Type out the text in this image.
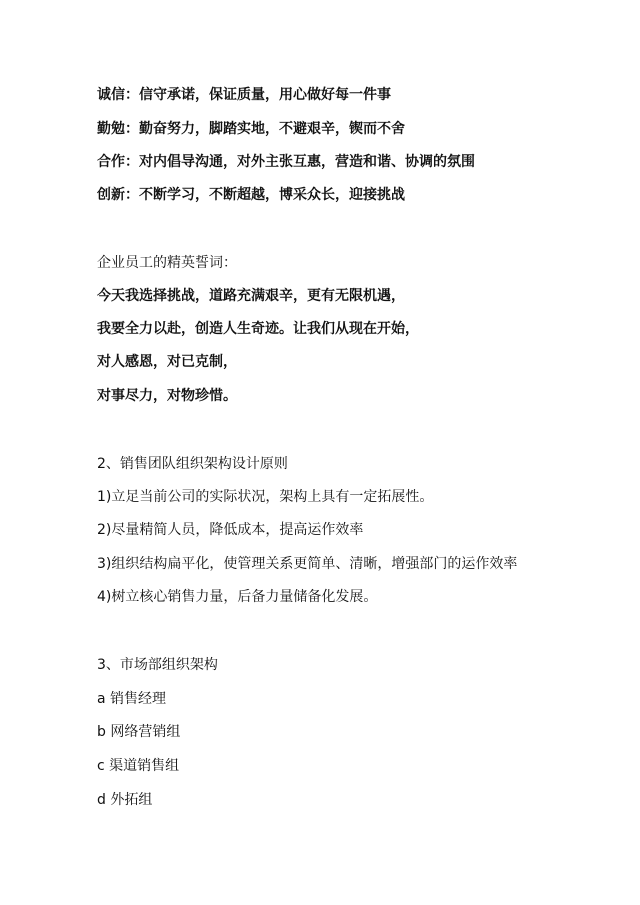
诚信：信守承诺，保证质量，用心做好每一件事
勤勉：勤奋努力，脚踏实地，不避艰辛，锲而不舍
合作：对内倡导沟通，对外主张互惠，营造和谐、协调的氛围
创新：不断学习，不断超越，博采众长，迎接挑战
企业员工的精英誓词：
今天我选择挑战，道路充满艰辛，更有无限机遇，
我要全力以赴，创造人生奇迹。让我们从现在开始，
对人感恩，对已克制，
对事尽力，对物珍惜。
2、销售团队组织架构设计原则
1)立足当前公司的实际状况，架构上具有一定拓展性。
2)尽量精简人员，降低成本，提高运作效率
3)组织结构扁平化，使管理关系更简单、清晰，增强部门的运作效率
4)树立核心销售力量，后备力量储备化发展。
3、市场部组织架构
a 销售经理
b 网络营销组
c 渠道销售组
d 外拓组
